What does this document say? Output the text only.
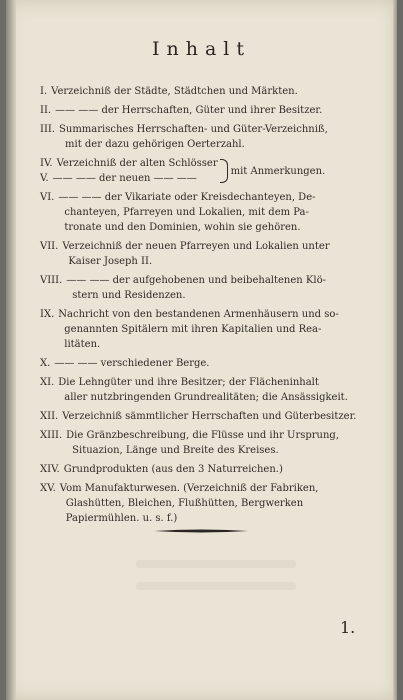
Inhalt
I. Verzeichniß der Städte, Städtchen und Märkten.
II. —— —— der Herrschaften, Güter und ihrer Besitzer.
III. Summarisches Herrschaften- und Güter-Verzeichniß,
mit der dazu gehörigen Oerterzahl.
IV. Verzeichniß der alten Schlösser
V. —— —— der neuen —— ——
mit Anmerkungen.
VI. —— —— der Vikariate oder Kreisdechanteyen, De-
chanteyen, Pfarreyen und Lokalien, mit dem Pa-
tronate und den Dominien, wohin sie gehören.
VII. Verzeichniß der neuen Pfarreyen und Lokalien unter
Kaiser Joseph II.
VIII. —— —— der aufgehobenen und beibehaltenen Klö-
stern und Residenzen.
IX. Nachricht von den bestandenen Armenhäusern und so-
genannten Spitälern mit ihren Kapitalien und Rea-
litäten.
X. —— —— verschiedener Berge.
XI. Die Lehngüter und ihre Besitzer; der Flächeninhalt
aller nutzbringenden Grundrealitäten; die Ansässigkeit.
XII. Verzeichniß sämmtlicher Herrschaften und Güterbesitzer.
XIII. Die Gränzbeschreibung, die Flüsse und ihr Ursprung,
Situazion, Länge und Breite des Kreises.
XIV. Grundprodukten (aus den 3 Naturreichen.)
XV. Vom Manufakturwesen. (Verzeichniß der Fabriken,
Glashütten, Bleichen, Flußhütten, Bergwerken
Papiermühlen. u. s. f.)
1.
